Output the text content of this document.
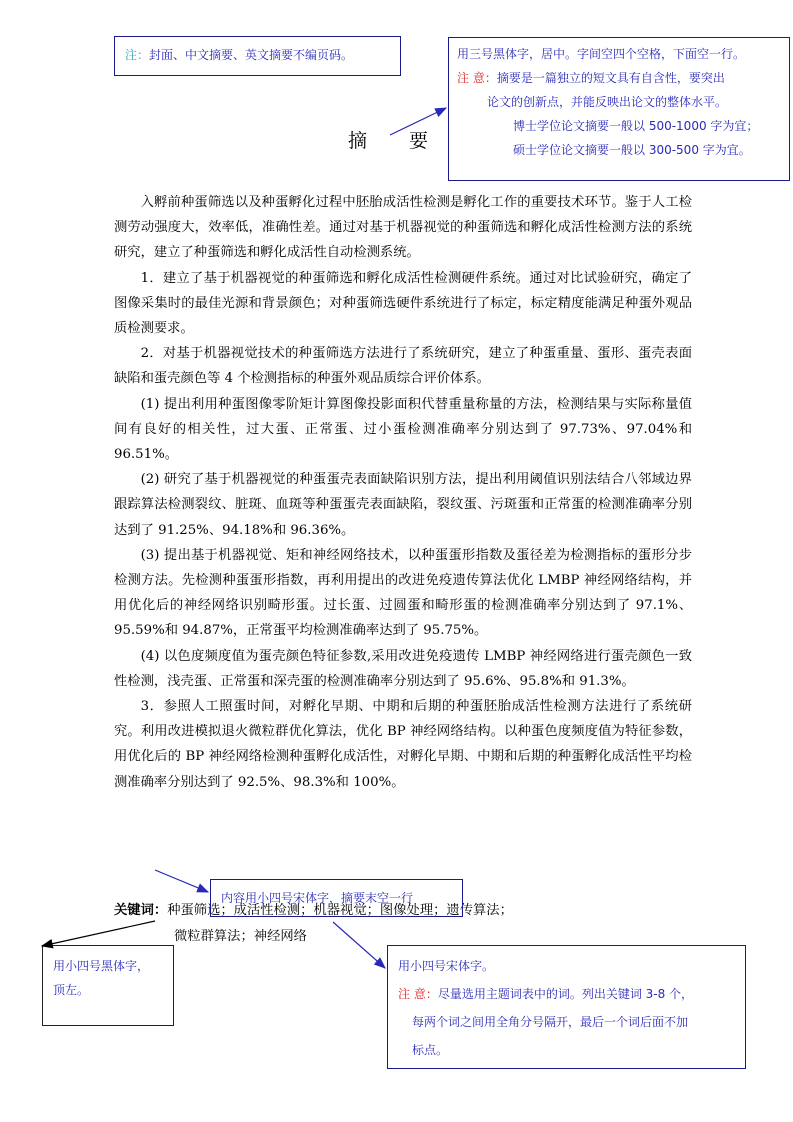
注：封面、中文摘要、英文摘要不编页码。	用三号黑体字，居中。字间空四个空格，下面空一行。
注 意：摘要是一篇独立的短文具有自含性，要突出
论文的创新点，并能反映出论文的整体水平。
博士学位论文摘要一般以 500-1000 字为宜；
硕士学位论文摘要一般以 300-500 字为宜。
摘 要

入孵前种蛋筛选以及种蛋孵化过程中胚胎成活性检测是孵化工作的重要技术环节。鉴于人工检测劳动强度大，效率低，准确性差。通过对基于机器视觉的种蛋筛选和孵化成活性检测方法的系统研究，建立了种蛋筛选和孵化成活性自动检测系统。

1．建立了基于机器视觉的种蛋筛选和孵化成活性检测硬件系统。通过对比试验研究，确定了图像采集时的最佳光源和背景颜色；对种蛋筛选硬件系统进行了标定，标定精度能满足种蛋外观品质检测要求。

2．对基于机器视觉技术的种蛋筛选方法进行了系统研究，建立了种蛋重量、蛋形、蛋壳表面缺陷和蛋壳颜色等 4 个检测指标的种蛋外观品质综合评价体系。

(1) 提出利用种蛋图像零阶矩计算图像投影面积代替重量称量的方法，检测结果与实际称量值间有良好的相关性，过大蛋、正常蛋、过小蛋检测准确率分别达到了 97.73%、97.04%和 96.51%。

(2) 研究了基于机器视觉的种蛋蛋壳表面缺陷识别方法，提出利用阈值识别法结合八邻域边界跟踪算法检测裂纹、脏斑、血斑等种蛋蛋壳表面缺陷，裂纹蛋、污斑蛋和正常蛋的检测准确率分别达到了 91.25%、94.18%和 96.36%。

(3) 提出基于机器视觉、矩和神经网络技术，以种蛋蛋形指数及蛋径差为检测指标的蛋形分步检测方法。先检测种蛋蛋形指数，再利用提出的改进免疫遗传算法优化 LMBP 神经网络结构，并用优化后的神经网络识别畸形蛋。过长蛋、过圆蛋和畸形蛋的检测准确率分别达到了 97.1%、95.59%和 94.87%，正常蛋平均检测准确率达到了 95.75%。

(4) 以色度频度值为蛋壳颜色特征参数,采用改进免疫遗传 LMBP 神经网络进行蛋壳颜色一致性检测，浅壳蛋、正常蛋和深壳蛋的检测准确率分别达到了 95.6%、95.8%和 91.3%。

3．参照人工照蛋时间，对孵化早期、中期和后期的种蛋胚胎成活性检测方法进行了系统研究。利用改进模拟退火微粒群优化算法，优化 BP 神经网络结构。以种蛋色度频度值为特征参数，用优化后的 BP 神经网络检测种蛋孵化成活性，对孵化早期、中期和后期的种蛋孵化成活性平均检测准确率分别达到了 92.5%、98.3%和 100%。

关键词：种蛋筛选；成活性检测；机器视觉；图像处理；遗传算法；
微粒群算法；神经网络
内容用小四号宋体字，摘要末空一行
用小四号黑体字，
顶左。
用小四号宋体字。
注 意：尽量选用主题词表中的词。列出关键词 3-8 个，
每两个词之间用全角分号隔开，最后一个词后面不加
标点。
